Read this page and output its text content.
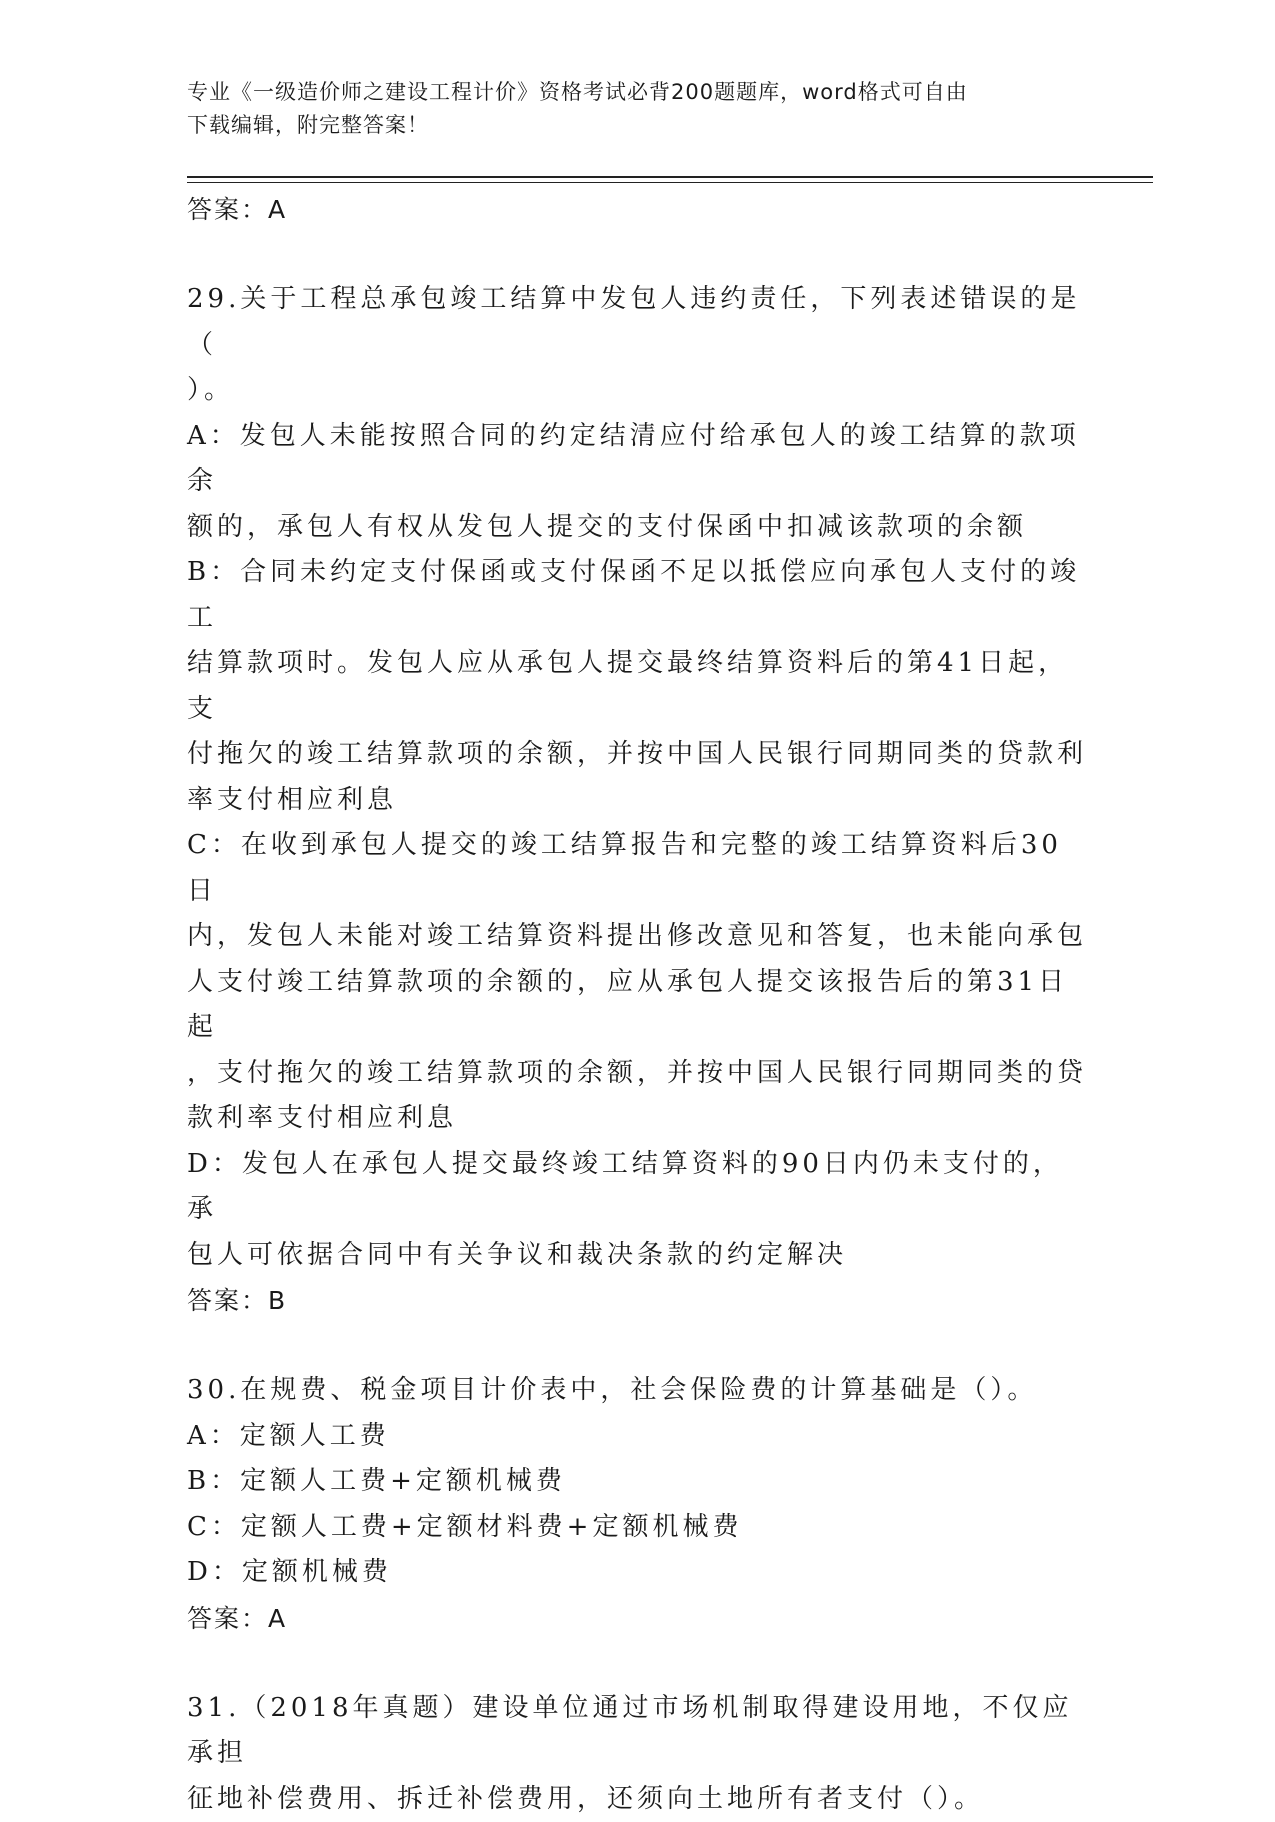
专业《一级造价师之建设工程计价》资格考试必背200题题库，word格式可自由
下载编辑，附完整答案！
答案：A
29.关于工程总承包竣工结算中发包人违约责任，下列表述错误的是（
）。
A：发包人未能按照合同的约定结清应付给承包人的竣工结算的款项余
额的，承包人有权从发包人提交的支付保函中扣减该款项的余额
B：合同未约定支付保函或支付保函不足以抵偿应向承包人支付的竣工
结算款项时。发包人应从承包人提交最终结算资料后的第41日起，支
付拖欠的竣工结算款项的余额，并按中国人民银行同期同类的贷款利
率支付相应利息
C：在收到承包人提交的竣工结算报告和完整的竣工结算资料后30日
内，发包人未能对竣工结算资料提出修改意见和答复，也未能向承包
人支付竣工结算款项的余额的，应从承包人提交该报告后的第31日起
，支付拖欠的竣工结算款项的余额，并按中国人民银行同期同类的贷
款利率支付相应利息
D：发包人在承包人提交最终竣工结算资料的90日内仍未支付的，承
包人可依据合同中有关争议和裁决条款的约定解决
答案：B
30.在规费、税金项目计价表中，社会保险费的计算基础是（）。
A：定额人工费
B：定额人工费+定额机械费
C：定额人工费+定额材料费+定额机械费
D：定额机械费
答案：A
31.（2018年真题）建设单位通过市场机制取得建设用地，不仅应承担
征地补偿费用、拆迁补偿费用，还须向土地所有者支付（）。
